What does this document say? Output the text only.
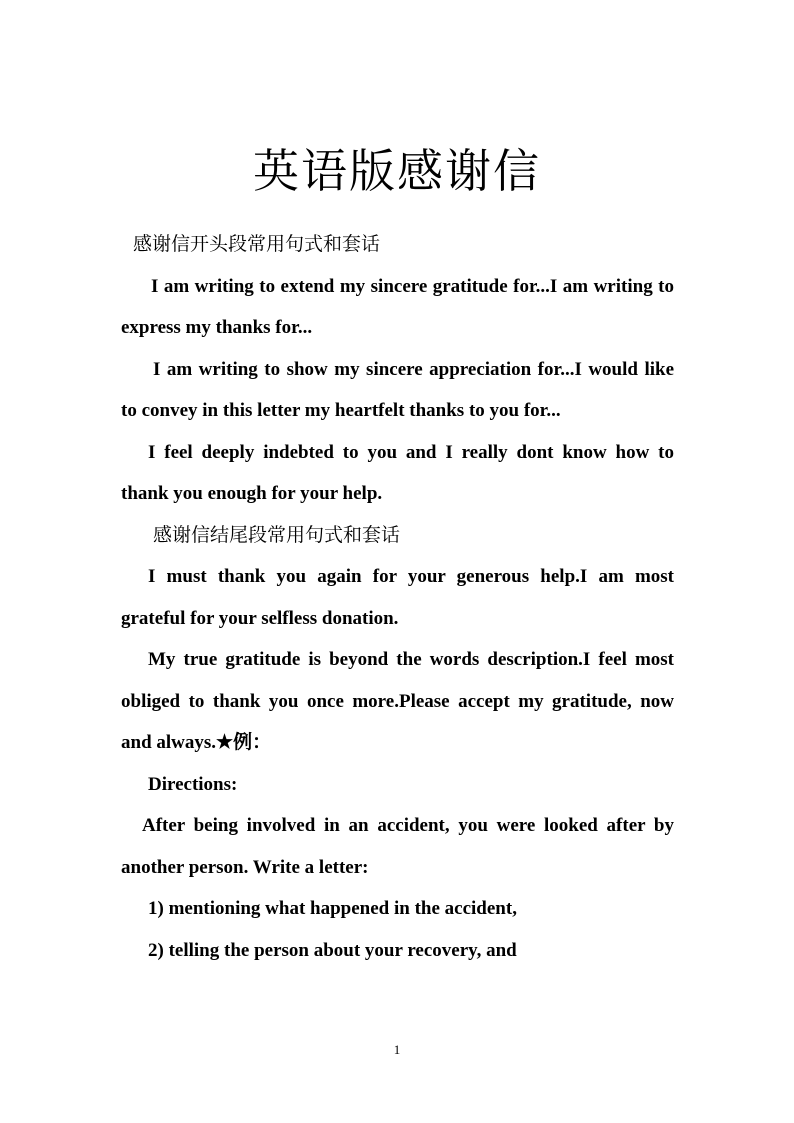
英语版感谢信

感谢信开头段常用句式和套话

I am writing to extend my sincere gratitude for...I am writing to express my thanks for...

I am writing to show my sincere appreciation for...I would like to convey in this letter my heartfelt thanks to you for...

I feel deeply indebted to you and I really dont know how to thank you enough for your help.

感谢信结尾段常用句式和套话

I must thank you again for your generous help.I am most grateful for your selfless donation.

My true gratitude is beyond the words description.I feel most obliged to thank you once more.Please accept my gratitude, now and always.★例：

Directions:

After being involved in an accident, you were looked after by another person. Write a letter:

1) mentioning what happened in the accident,

2) telling the person about your recovery, and

1
